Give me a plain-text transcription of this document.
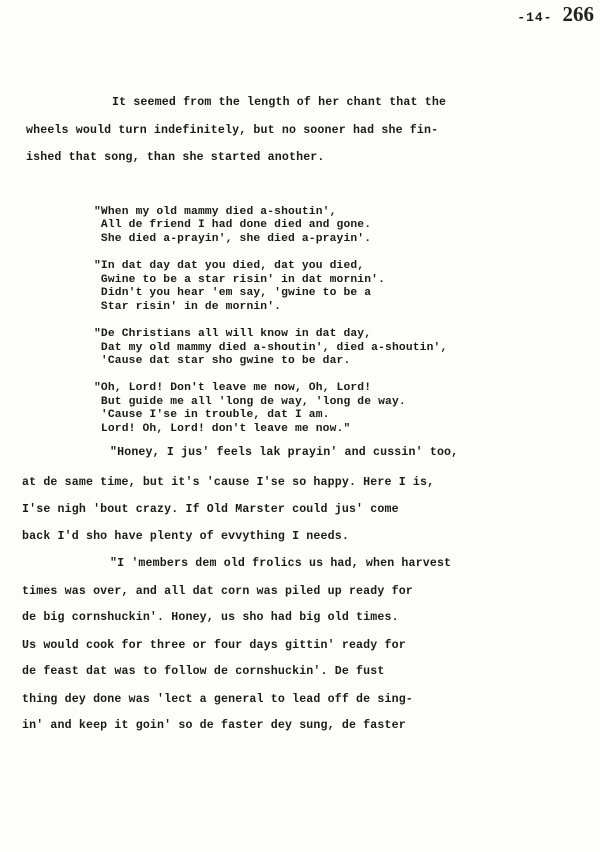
-14- 266
It seemed from the length of her chant that the
wheels would turn indefinitely, but no sooner had she fin-
ished that song, than she started another.
"When my old mammy died a-shoutin',
All de friend I had done died and gone.
She died a-prayin', she died a-prayin'.
"In dat day dat you died, dat you died,
Gwine to be a star risin' in dat mornin'.
Didn't you hear 'em say, 'gwine to be a
Star risin' in de mornin'.
"De Christians all will know in dat day,
Dat my old mammy died a-shoutin', died a-shoutin',
'Cause dat star sho gwine to be dar.
"Oh, Lord! Don't leave me now, Oh, Lord!
But guide me all 'long de way, 'long de way.
'Cause I'se in trouble, dat I am.
Lord! Oh, Lord! don't leave me now."
"Honey, I jus' feels lak prayin' and cussin' too,
at de same time, but it's 'cause I'se so happy. Here I is,
I'se nigh 'bout crazy. If Old Marster could jus' come
back I'd sho have plenty of evvything I needs.
"I 'members dem old frolics us had, when harvest
times was over, and all dat corn was piled up ready for
de big cornshuckin'. Honey, us sho had big old times.
Us would cook for three or four days gittin' ready for
de feast dat was to follow de cornshuckin'. De fust
thing dey done was 'lect a general to lead off de sing-
in' and keep it goin' so de faster dey sung, de faster
